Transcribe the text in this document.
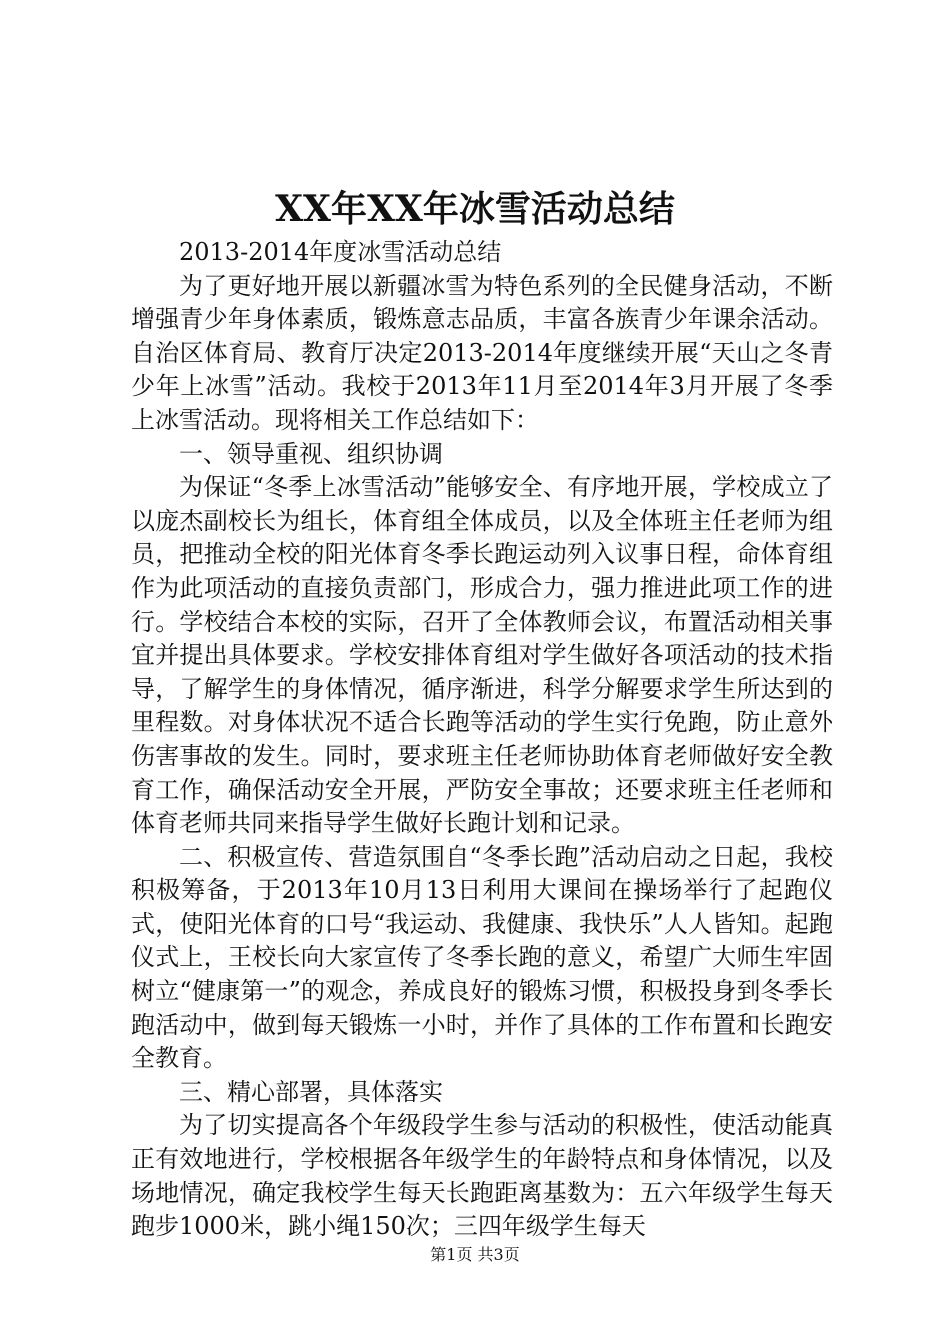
XX年XX年冰雪活动总结

2013-2014年度冰雪活动总结

为了更好地开展以新疆冰雪为特色系列的全民健身活动，不断增强青少年身体素质，锻炼意志品质，丰富各族青少年课余活动。自治区体育局、教育厅决定2013-2014年度继续开展“天山之冬青少年上冰雪”活动。我校于2013年11月至2014年3月开展了冬季上冰雪活动。现将相关工作总结如下：

一、领导重视、组织协调

为保证“冬季上冰雪活动”能够安全、有序地开展，学校成立了以庞杰副校长为组长，体育组全体成员，以及全体班主任老师为组员，把推动全校的阳光体育冬季长跑运动列入议事日程，命体育组作为此项活动的直接负责部门，形成合力，强力推进此项工作的进行。学校结合本校的实际，召开了全体教师会议，布置活动相关事宜并提出具体要求。学校安排体育组对学生做好各项活动的技术指导，了解学生的身体情况，循序渐进，科学分解要求学生所达到的里程数。对身体状况不适合长跑等活动的学生实行免跑，防止意外伤害事故的发生。同时，要求班主任老师协助体育老师做好安全教育工作，确保活动安全开展，严防安全事故；还要求班主任老师和体育老师共同来指导学生做好长跑计划和记录。

二、积极宣传、营造氛围自“冬季长跑”活动启动之日起，我校积极筹备，于2013年10月13日利用大课间在操场举行了起跑仪式，使阳光体育的口号“我运动、我健康、我快乐”人人皆知。起跑仪式上，王校长向大家宣传了冬季长跑的意义，希望广大师生牢固树立“健康第一”的观念，养成良好的锻炼习惯，积极投身到冬季长跑活动中，做到每天锻炼一小时，并作了具体的工作布置和长跑安全教育。

三、精心部署，具体落实

为了切实提高各个年级段学生参与活动的积极性，使活动能真正有效地进行，学校根据各年级学生的年龄特点和身体情况，以及场地情况，确定我校学生每天长跑距离基数为：五六年级学生每天跑步1000米，跳小绳150次；三四年级学生每天

第1页 共3页
